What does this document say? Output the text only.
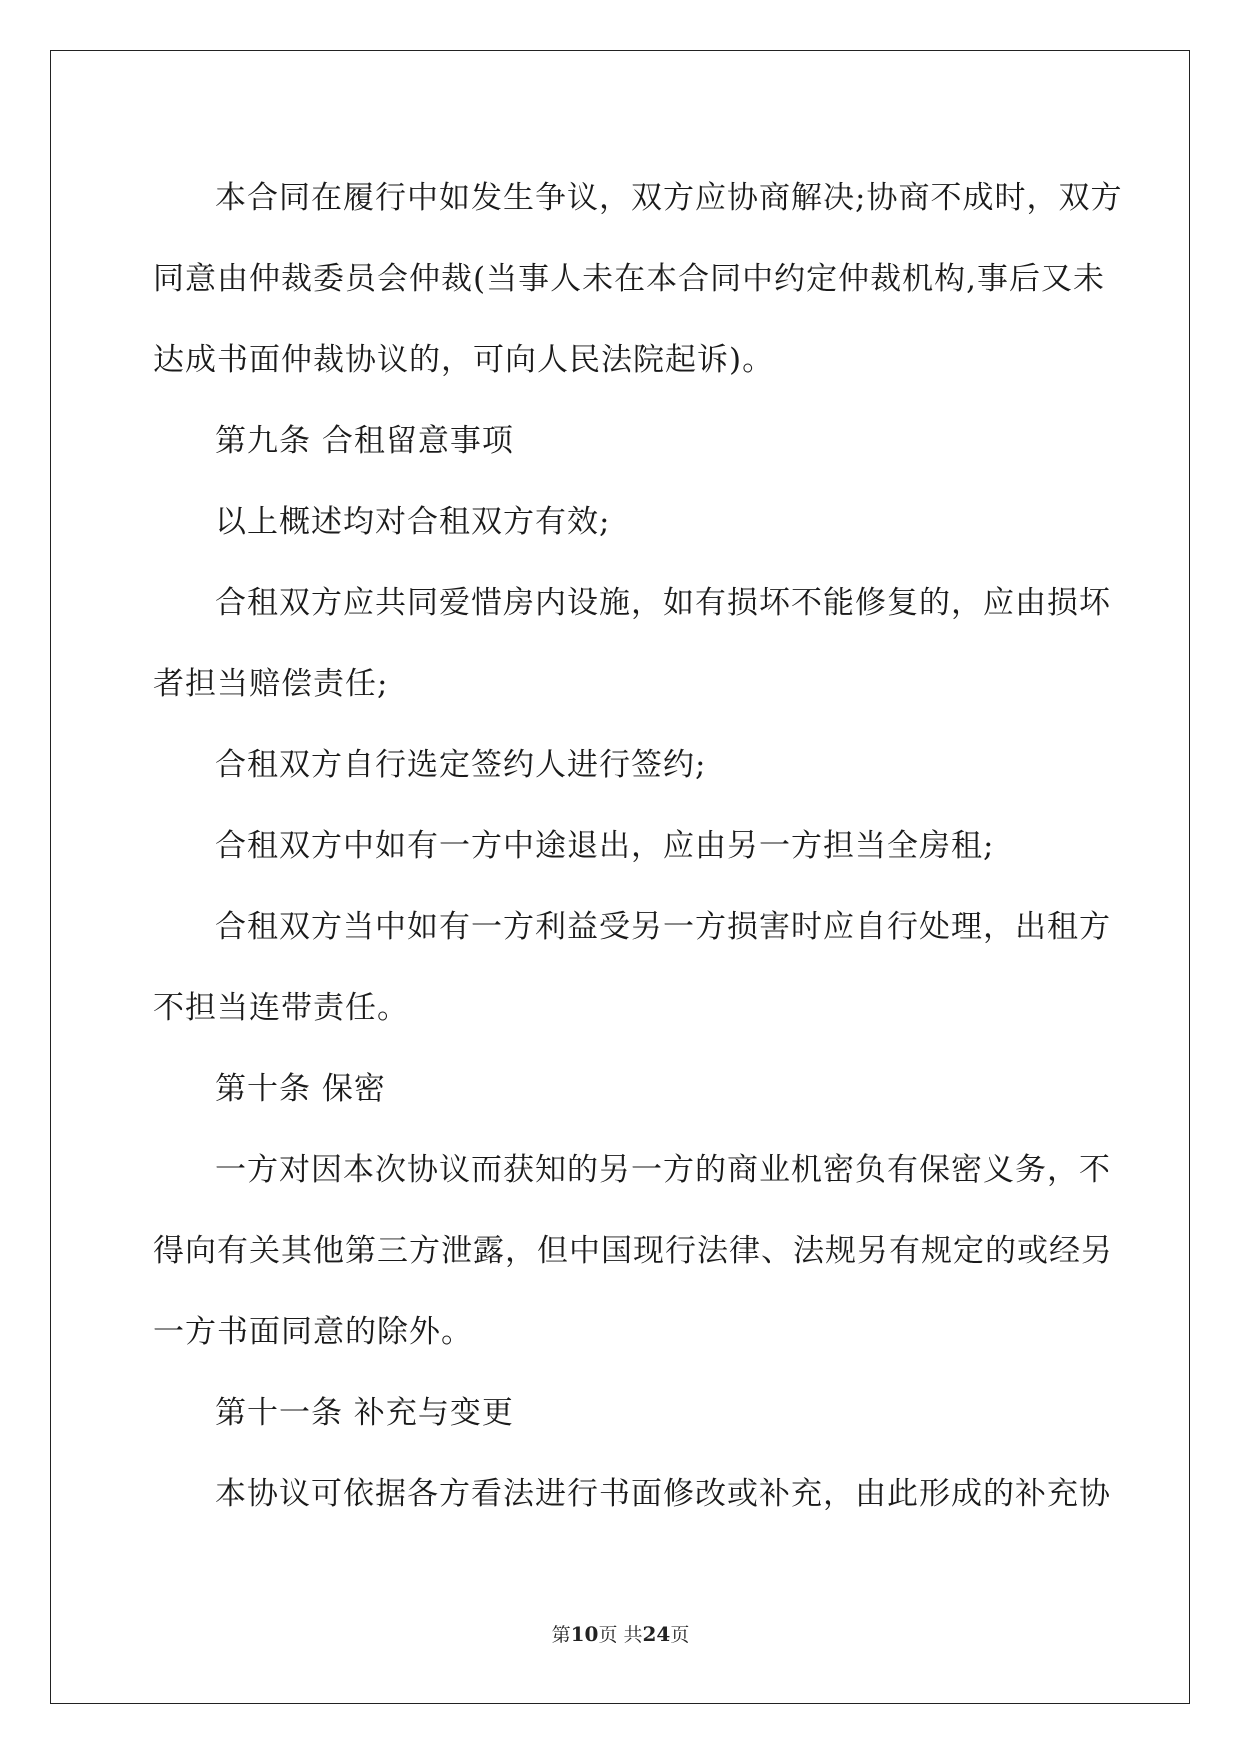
本合同在履行中如发生争议，双方应协商解决;协商不成时，双方
同意由仲裁委员会仲裁(当事人未在本合同中约定仲裁机构,事后又未
达成书面仲裁协议的，可向人民法院起诉)。
第九条 合租留意事项
以上概述均对合租双方有效;
合租双方应共同爱惜房内设施，如有损坏不能修复的，应由损坏
者担当赔偿责任;
合租双方自行选定签约人进行签约;
合租双方中如有一方中途退出，应由另一方担当全房租;
合租双方当中如有一方利益受另一方损害时应自行处理，出租方
不担当连带责任。
第十条 保密
一方对因本次协议而获知的另一方的商业机密负有保密义务，不
得向有关其他第三方泄露，但中国现行法律、法规另有规定的或经另
一方书面同意的除外。
第十一条 补充与变更
本协议可依据各方看法进行书面修改或补充，由此形成的补充协
第10页 共24页
